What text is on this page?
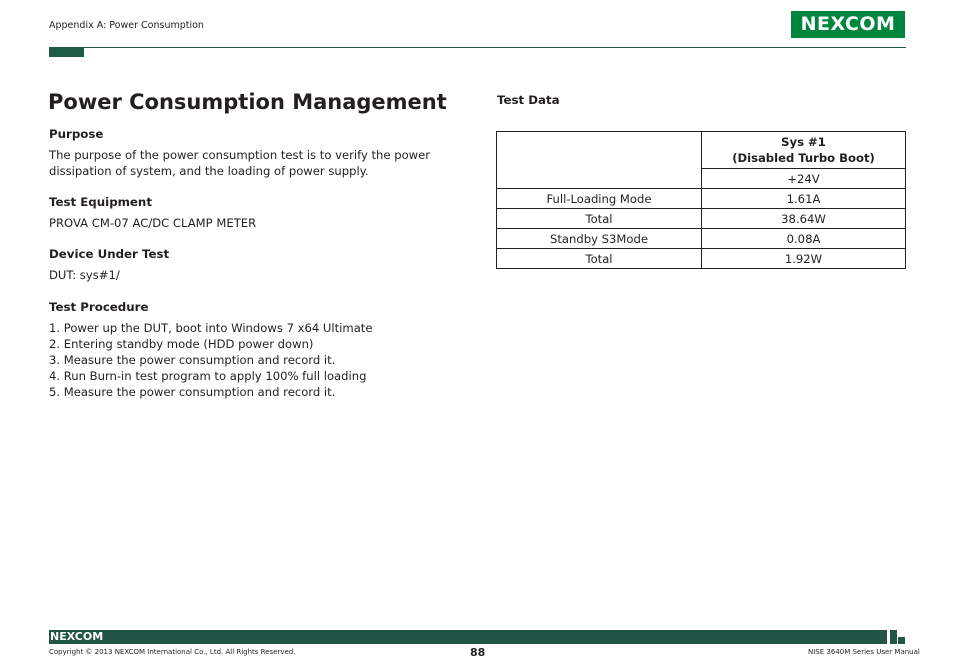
Appendix A: Power Consumption	NEXCOM
Power Consumption Management
Purpose
The purpose of the power consumption test is to verify the power dissipation of system, and the loading of power supply.
Test Equipment
PROVA CM-07 AC/DC CLAMP METER
Device Under Test
DUT: sys#1/
Test Procedure
1. Power up the DUT, boot into Windows 7 x64 Ultimate
2. Entering standby mode (HDD power down)
3. Measure the power consumption and record it.
4. Run Burn-in test program to apply 100% full loading
5. Measure the power consumption and record it.
Test Data

	Sys #1
(Disabled Turbo Boot)

	+24V
Full-Loading Mode	1.61A
Total	38.64W
Standby S3Mode	0.08A
Total	1.92W
NEXCOM
Copyright © 2013 NEXCOM International Co., Ltd. All Rights Reserved.	88	NISE 3640M Series User Manual
